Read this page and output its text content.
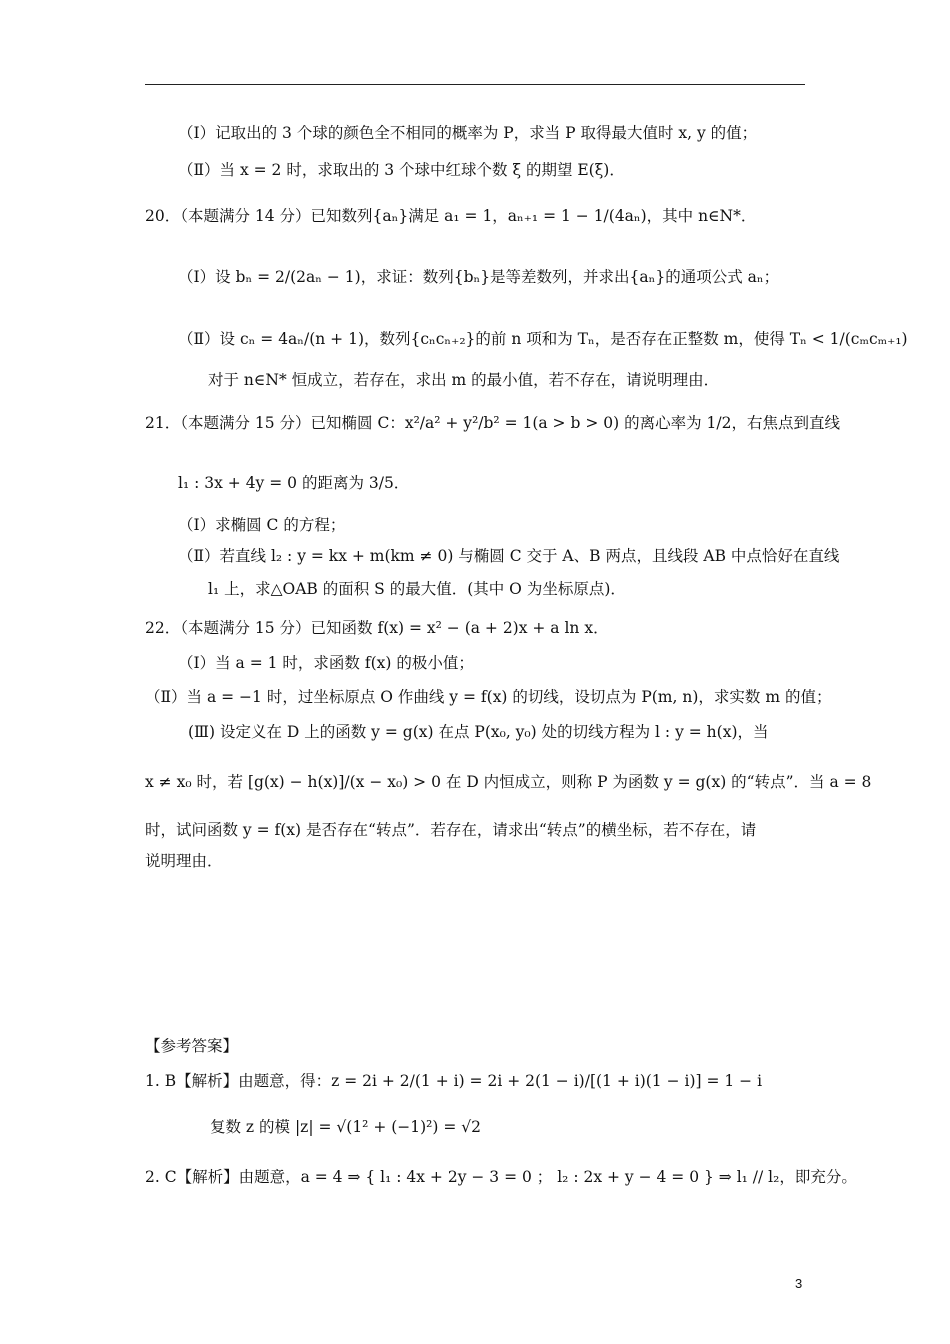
（Ⅰ）记取出的 3 个球的颜色全不相同的概率为 P，求当 P 取得最大值时 x, y 的值；
（Ⅱ）当 x = 2 时，求取出的 3 个球中红球个数 ξ 的期望 E(ξ)．
20．（本题满分 14 分）已知数列{aₙ}满足 a₁ = 1，aₙ₊₁ = 1 − 1/(4aₙ)，其中 n∈N*．
（Ⅰ）设 bₙ = 2/(2aₙ − 1)，求证：数列{bₙ}是等差数列，并求出{aₙ}的通项公式 aₙ；
（Ⅱ）设 cₙ = 4aₙ/(n + 1)，数列{cₙcₙ₊₂}的前 n 项和为 Tₙ，是否存在正整数 m，使得 Tₙ < 1/(cₘcₘ₊₁)
对于 n∈N* 恒成立，若存在，求出 m 的最小值，若不存在，请说明理由．
21．（本题满分 15 分）已知椭圆 C：x²/a² + y²/b² = 1(a > b > 0) 的离心率为 1/2，右焦点到直线
l₁ : 3x + 4y = 0 的距离为 3/5．
（Ⅰ）求椭圆 C 的方程；
（Ⅱ）若直线 l₂ : y = kx + m(km ≠ 0) 与椭圆 C 交于 A、B 两点，且线段 AB 中点恰好在直线
l₁ 上，求△OAB 的面积 S 的最大值．(其中 O 为坐标原点)．
22．（本题满分 15 分）已知函数 f(x) = x² − (a + 2)x + a ln x．
（Ⅰ）当 a = 1 时，求函数 f(x) 的极小值；
（Ⅱ）当 a = −1 时，过坐标原点 O 作曲线 y = f(x) 的切线，设切点为 P(m, n)，求实数 m 的值；
(Ⅲ) 设定义在 D 上的函数 y = g(x) 在点 P(x₀, y₀) 处的切线方程为 l : y = h(x)，当
x ≠ x₀ 时，若 [g(x) − h(x)]/(x − x₀) > 0 在 D 内恒成立，则称 P 为函数 y = g(x) 的“转点”．当 a = 8
时，试问函数 y = f(x) 是否存在“转点”．若存在，请求出“转点”的横坐标，若不存在，请
说明理由．
【参考答案】
1. B【解析】由题意，得：z = 2i + 2/(1 + i) = 2i + 2(1 − i)/[(1 + i)(1 − i)] = 1 − i
复数 z 的模 |z| = √(1² + (−1)²) = √2
2. C【解析】由题意，a = 4 ⇒ { l₁ : 4x + 2y − 3 = 0 ； l₂ : 2x + y − 4 = 0 } ⇒ l₁ // l₂，即充分。
3
